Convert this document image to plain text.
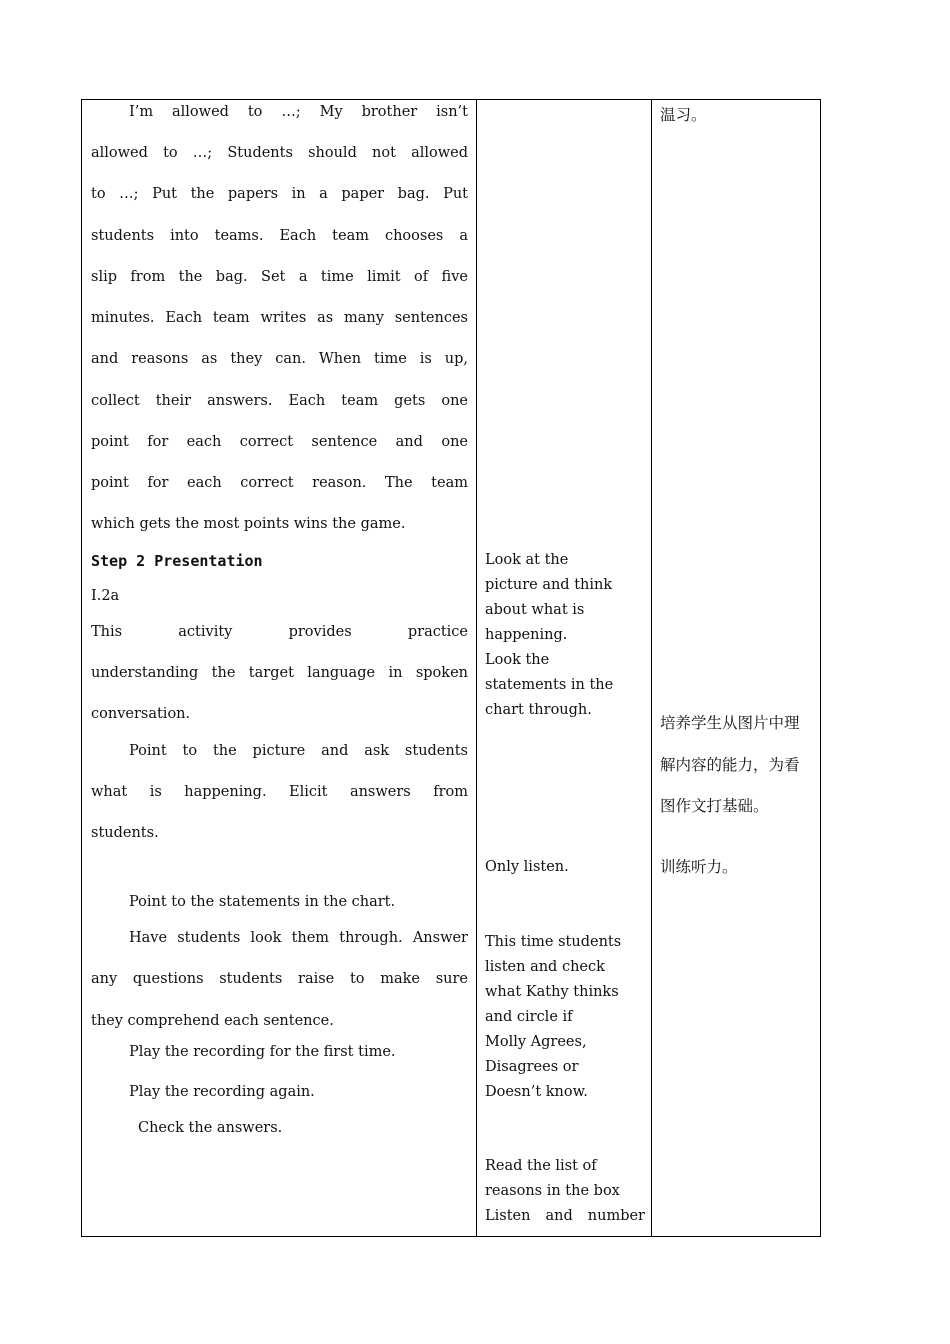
I’m allowed to …; My brother isn’t

allowed to …; Students should not allowed

to …; Put the papers in a paper bag. Put

students into teams. Each team chooses a

slip from the bag. Set a time limit of five

minutes. Each team writes as many sentences

and reasons as they can. When time is up,

collect their answers. Each team gets one

point for each correct sentence and one

point for each correct reason. The team

which gets the most points wins the game.

Step 2 Presentation

I.2a

This activity provides practice

understanding the target language in spoken

conversation.

Point to the picture and ask students

what is happening. Elicit answers from

students.

Point to the statements in the chart.

Have students look them through. Answer

any questions students raise to make sure

they comprehend each sentence.

Play the recording for the first time.

Play the recording again.

Check the answers.

Look at the

picture and think

about what is

happening.

Look the

statements in the

chart through.

Only listen.

This time students

listen and check

what Kathy thinks

and circle if

Molly Agrees,

Disagrees or

Doesn’t know.

Read the list of

reasons in the box

Listen and number

温习。

培养学生从图片中理

解内容的能力，为看

图作文打基础。

训练听力。
